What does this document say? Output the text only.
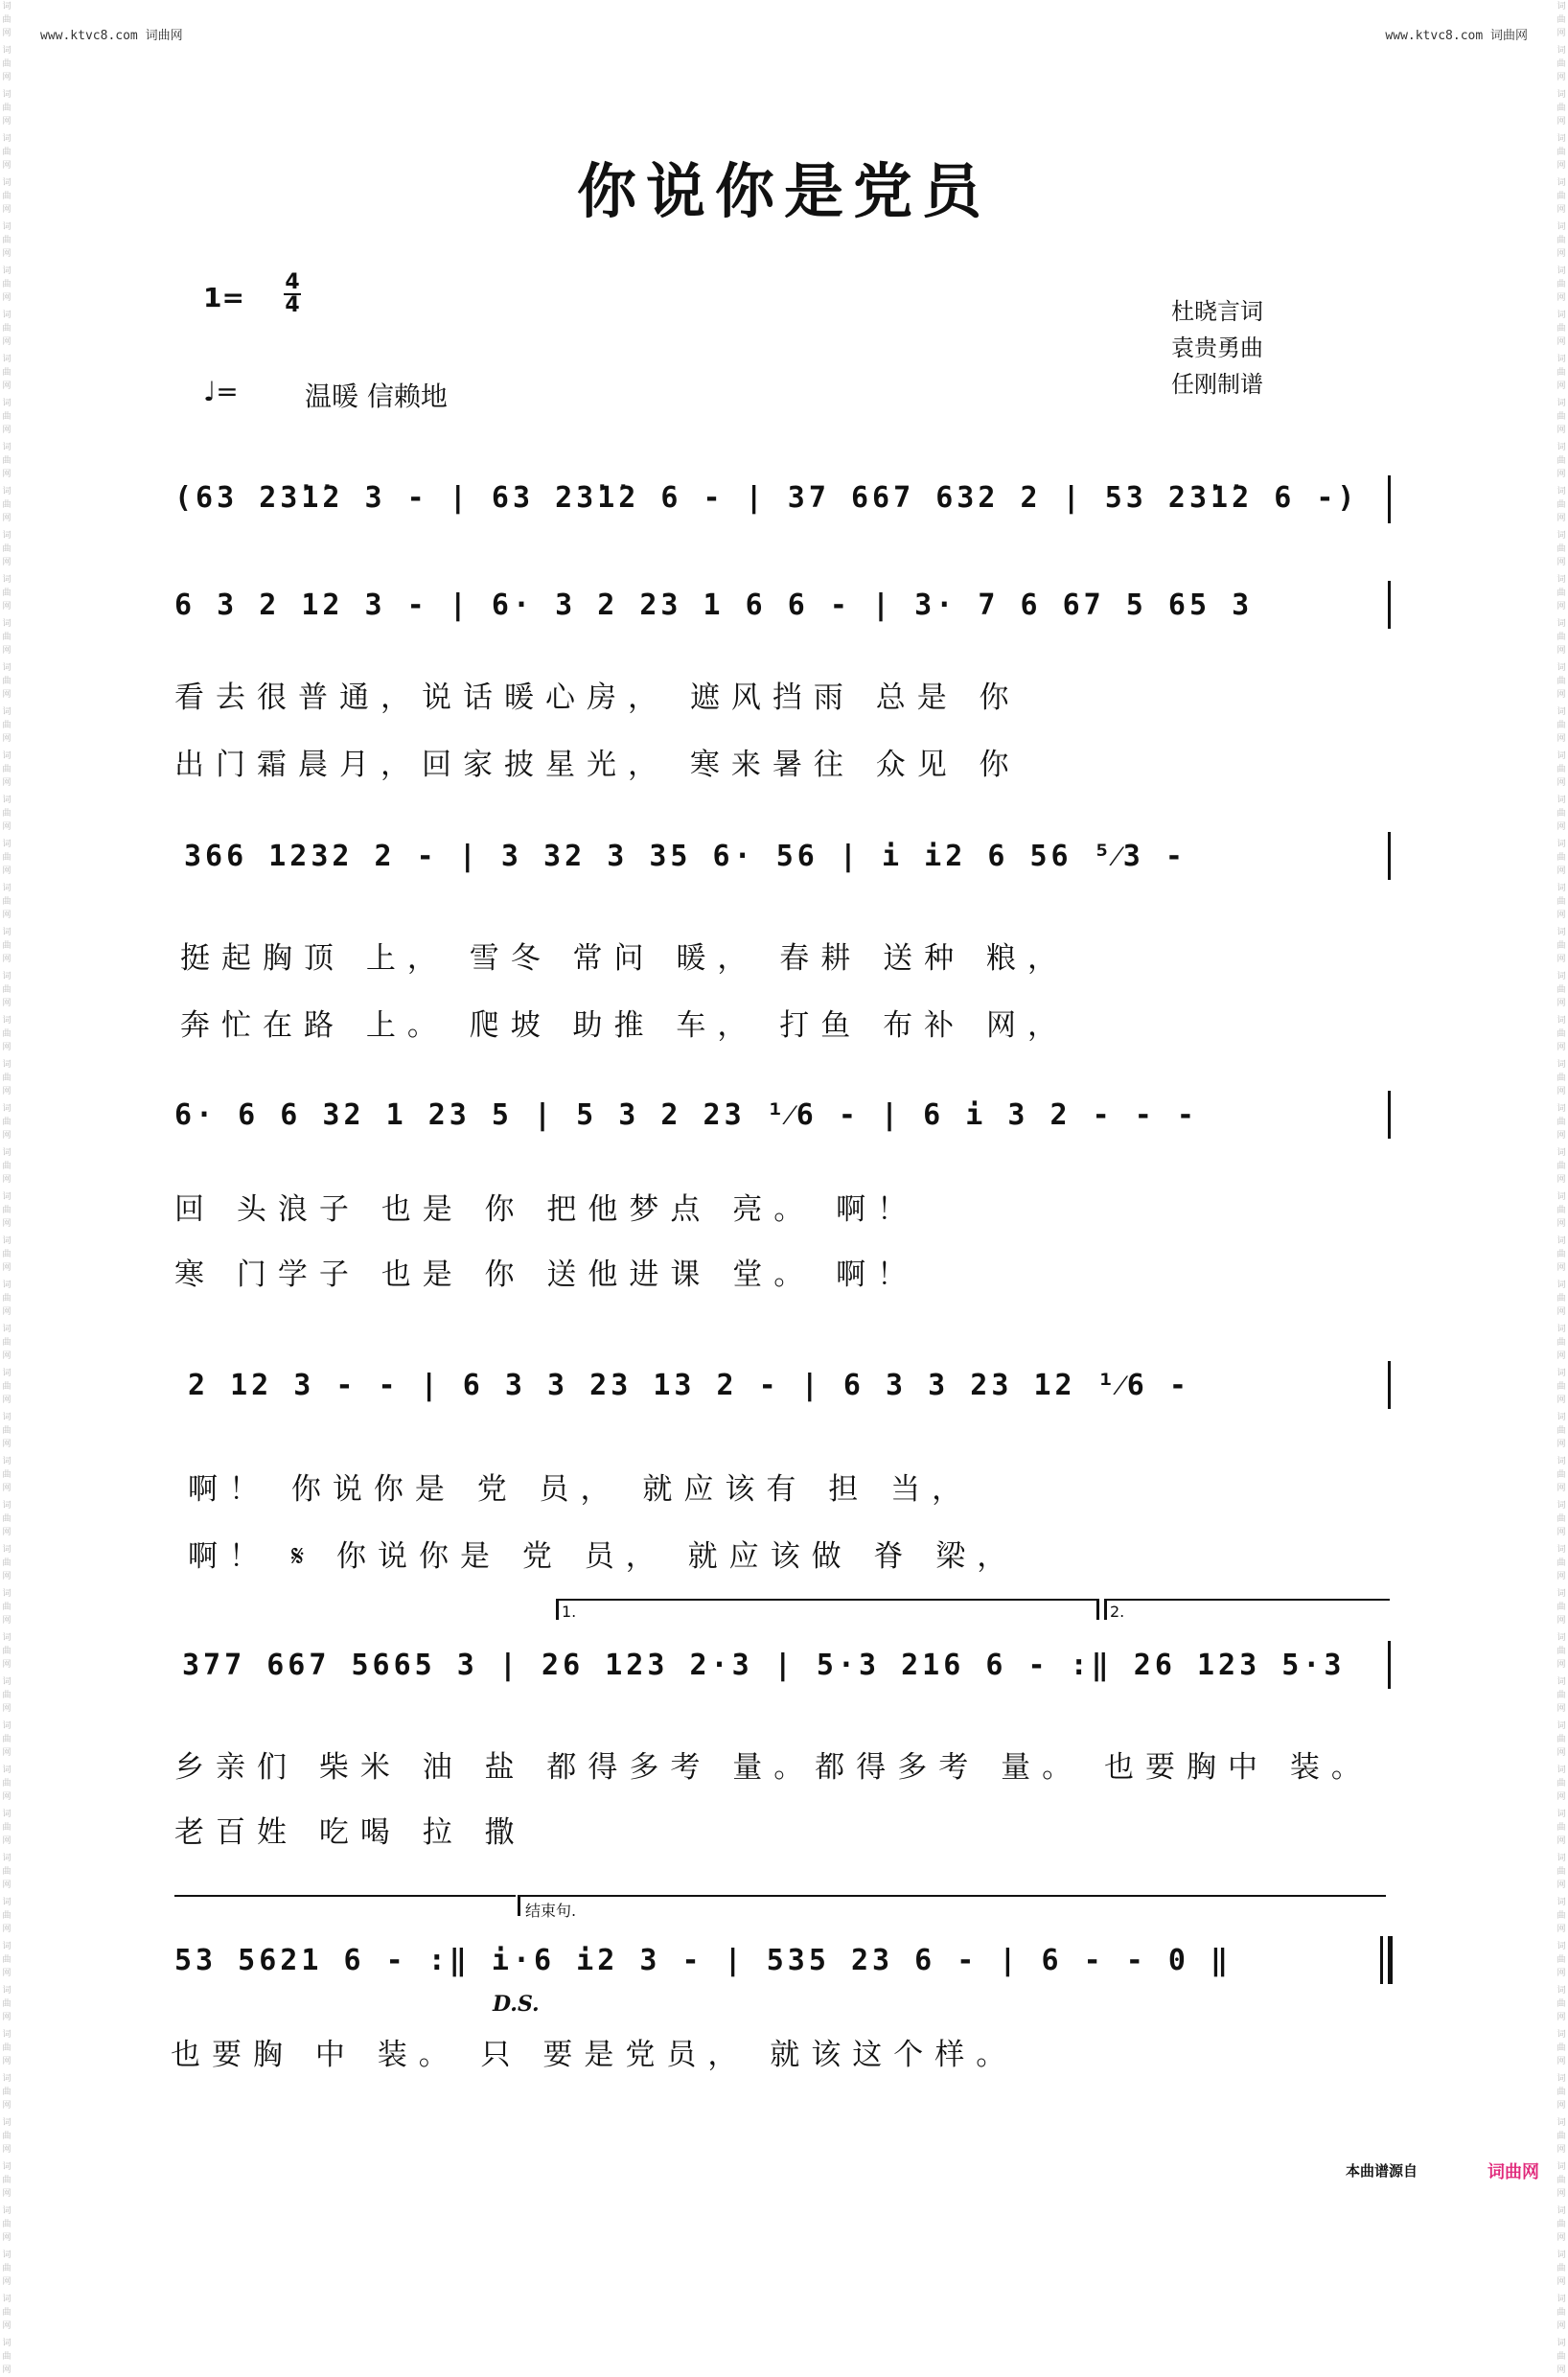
词
曲
网
词
曲
网
词
曲
网
词
曲
网
词
曲
网
词
曲
网
词
曲
网
词
曲
网
词
曲
网
词
曲
网
词
曲
网
词
曲
网
词
曲
网
词
曲
网
词
曲
网
词
曲
网
词
曲
网
词
曲
网
词
曲
网
词
曲
网
词
曲
网
词
曲
网
词
曲
网
词
曲
网
词
曲
网
词
曲
网
词
曲
网
词
曲
网
词
曲
网
词
曲
网
词
曲
网
词
曲
网
词
曲
网
词
曲
网
词
曲
网
词
曲
网
词
曲
网
词
曲
网
词
曲
网
词
曲
网
词
曲
网
词
曲
网
词
曲
网
词
曲
网
词
曲
网
词
曲
网
词
曲
网
词
曲
网
词
曲
网
词
曲
网
词
曲
网
词
曲
网
词
曲
网
词
曲
网
词
曲
网
词
曲
网
词
曲
网
词
曲
网
词
曲
网
词
曲
网
词
曲
网
词
曲
网
词
曲
网
词
曲
网
词
曲
网
词
曲
网
词
曲
网
词
曲
网
词
曲
网
词
曲
网
词
曲
网
词
曲
网
词
曲
网
词
曲
网
词
曲
网
词
曲
网
词
曲
网
词
曲
网
词
曲
网
词
曲
网
词
曲
网
词
曲
网
词
曲
网
词
曲
网
词
曲
网
词
曲
网
词
曲
网
词
曲
网
词
曲
网
词
曲
网
词
曲
网
词
曲
网
词
曲
网
词
曲
网
词
曲
网
词
曲
网
词
曲
网
词
曲
网
词
曲
网
词
曲
网
词
曲
网
词
曲
网
词
曲
网
词
曲
网
词
曲
网
词
曲
网
词
曲
网
词
曲
网
www.ktvc8.com 词曲网	www.ktvc8.com 词曲网
你说你是党员
1= 4
4
♩= 温暖 信赖地
杜晓言词
袁贵勇曲
任刚制谱
(63 23̇1̇2 3 - | 63 23̇1̇2 6 - | 37 667 632 2 | 53 23̇1̇2 6 -)
6 3 2 12 3 - | 6· 3 2 23 1 6 6 - | 3· 7 6 67 5 65 3
看去很普通，说话暖心房， 遮风挡雨 总是 你
出门霜晨月，回家披星光， 寒来暑往 众见 你
366 1232 2 - | 3 32 3 35 6· 56 | i i2 6 56 ⁵⁄3 -
挺起胸顶 上， 雪冬 常问 暖， 春耕 送种 粮，
奔忙在路 上。 爬坡 助推 车， 打鱼 布补 网，
6· 6 6 32 1 23 5 | 5 3 2 23 ¹⁄6 - | 6 i 3 2 - - -
回 头浪子 也是 你 把他梦点 亮。 啊！
寒 门学子 也是 你 送他进课 堂。 啊！
2 12 3 - - | 6 3 3 23 13 2 - | 6 3 3 23 12 ¹⁄6 -
啊！ 你说你是 党 员， 就应该有 担 当，
啊！ 𝄋 你说你是 党 员， 就应该做 脊 梁，
1.	2.
377 667 5665 3 | 26 123 2·3 | 5·3 216 6 - :‖ 26 123 5·3
乡亲们 柴米 油 盐 都得多考 量。都得多考 量。 也要胸中 装。
老百姓 吃喝 拉 撒
结束句.
53 5621 6 - :‖ i·6 i2 3 - | 535 23 6 - | 6 - - 0 ‖
D.S.
也要胸 中 装。 只 要是党员， 就该这个样。
本曲谱源自	词曲网
